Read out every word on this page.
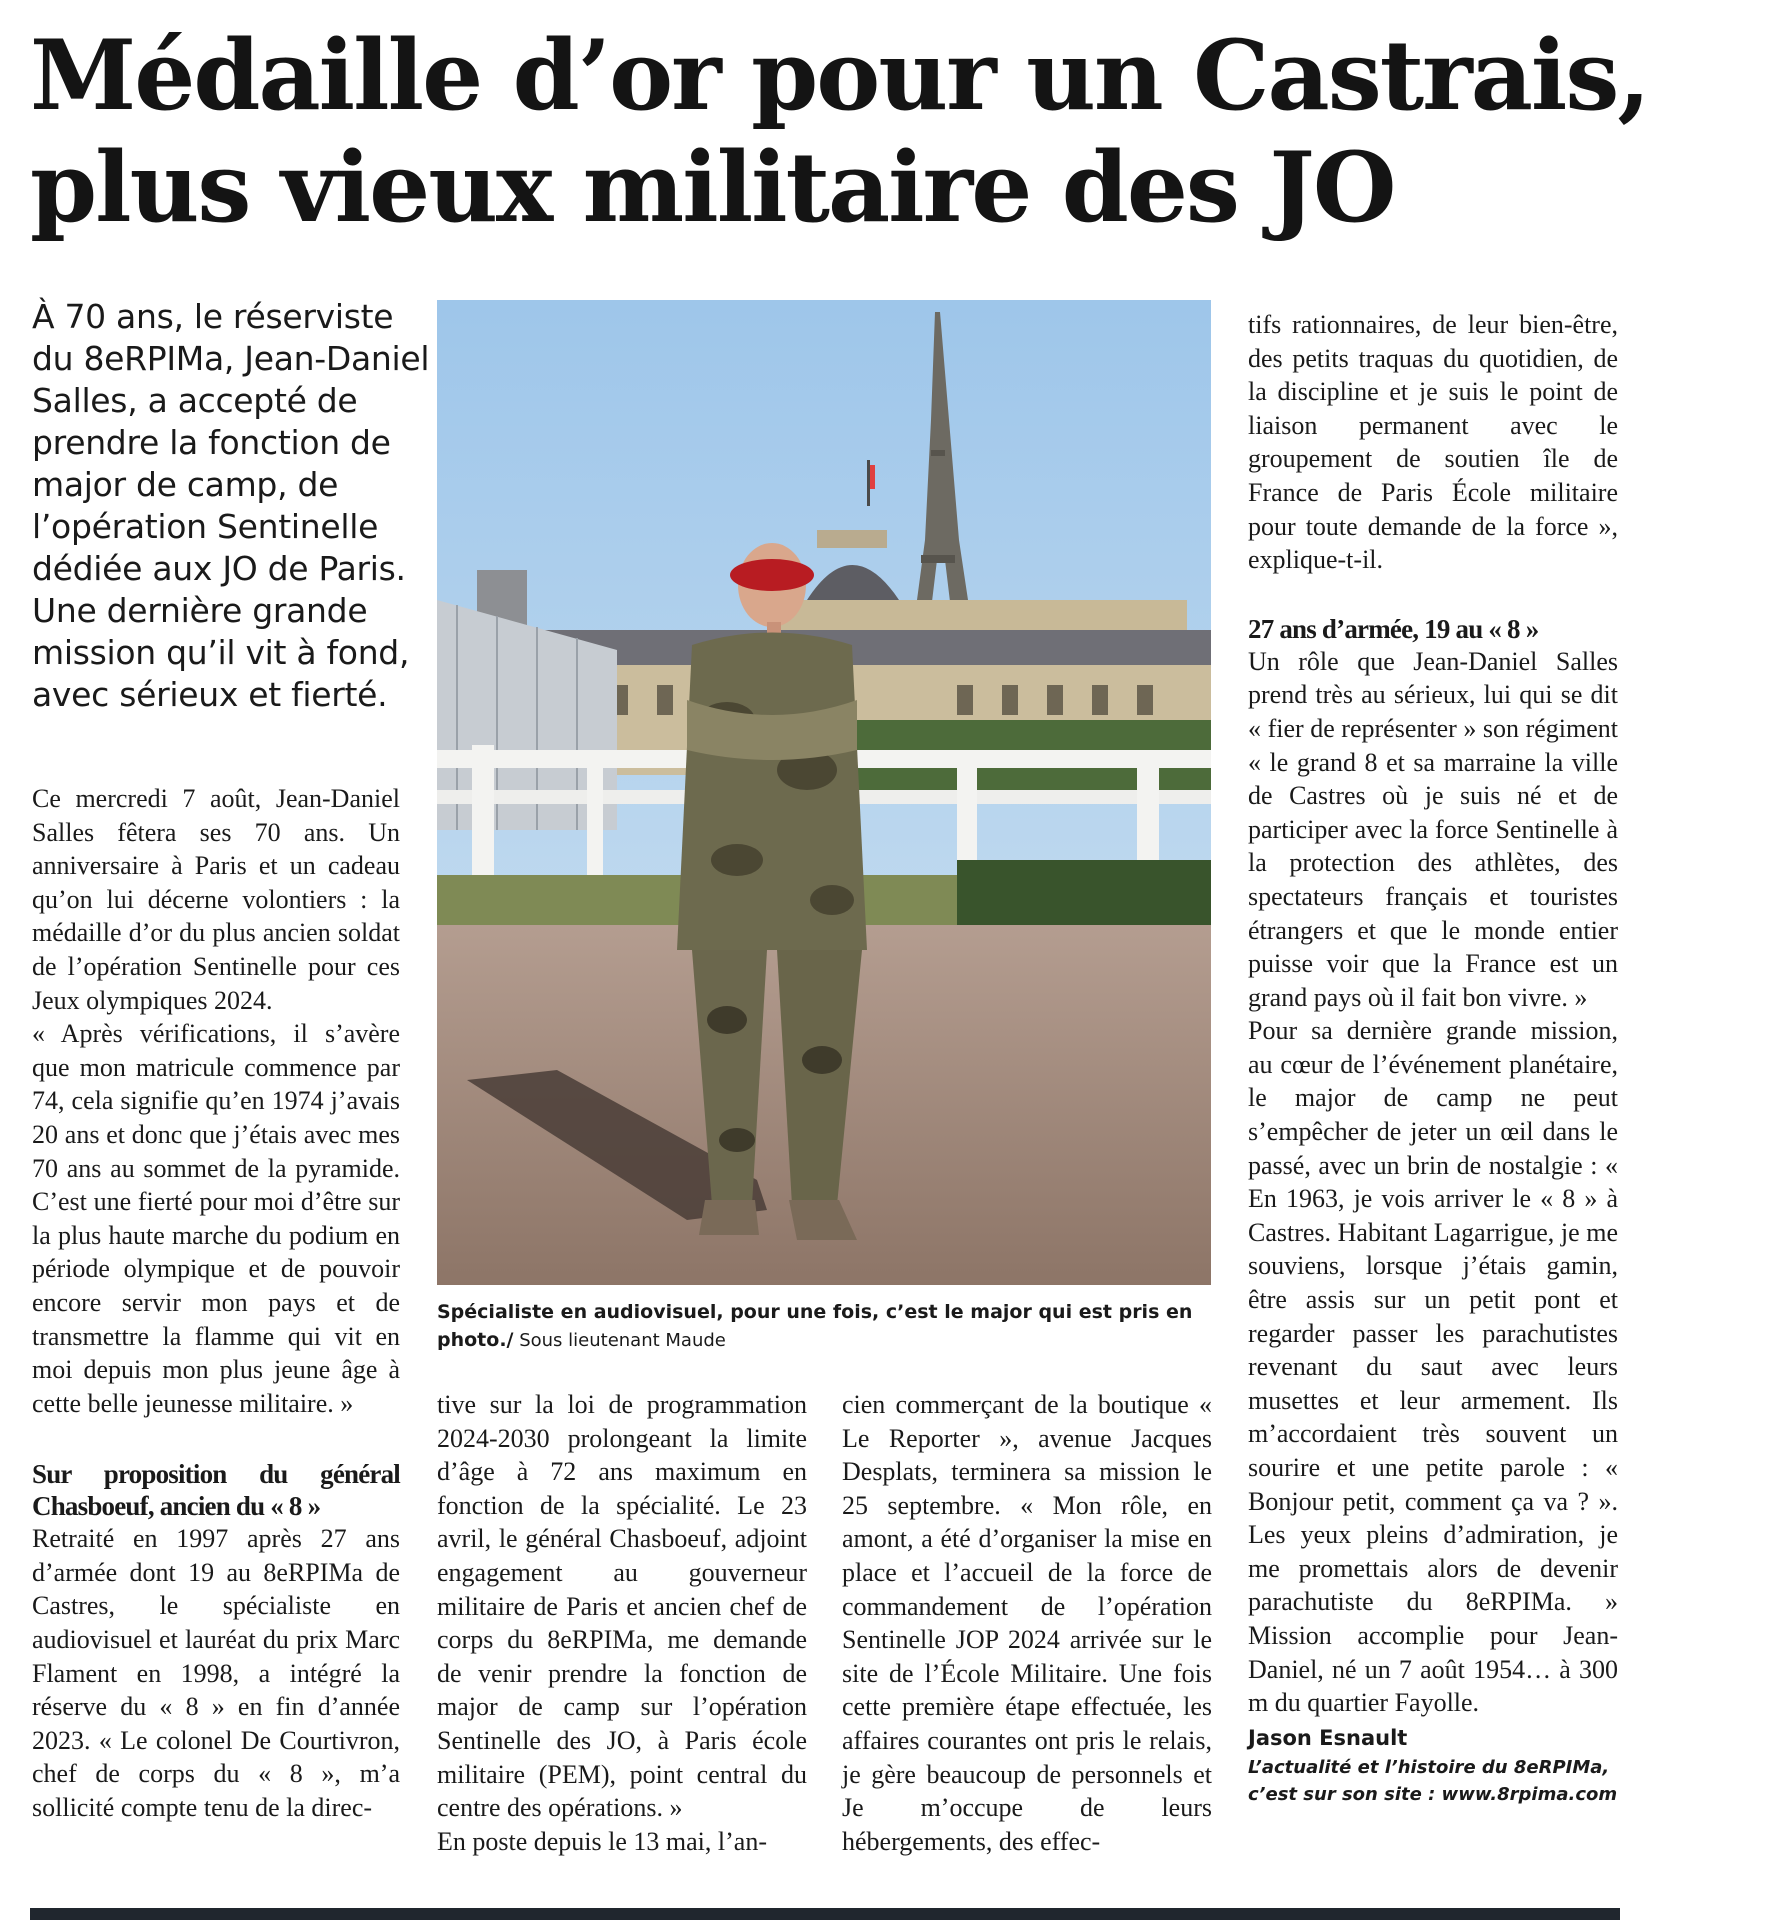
Médaille d’or pour un Castrais,
plus vieux militaire des JO
À 70 ans, le réserviste du 8eRPIMa, Jean-Daniel Salles, a accepté de prendre la fonction de major de camp, de l’opération Sentinelle dédiée aux JO de Paris. Une dernière grande mission qu’il vit à fond, avec sérieux et fierté.

Ce mercredi 7 août, Jean-Daniel Salles fêtera ses 70 ans. Un anniversaire à Paris et un cadeau qu’on lui décerne volontiers : la médaille d’or du plus ancien soldat de l’opération Sentinelle pour ces Jeux olympiques 2024.

« Après vérifications, il s’avère que mon matricule commence par 74, cela signifie qu’en 1974 j’avais 20 ans et donc que j’étais avec mes 70 ans au sommet de la pyramide. C’est une fierté pour moi d’être sur la plus haute marche du podium en période olympique et de pouvoir encore servir mon pays et de transmettre la flamme qui vit en moi depuis mon plus jeune âge à cette belle jeunesse militaire. »

Sur proposition du général Chasboeuf, ancien du « 8 »

Retraité en 1997 après 27 ans d’armée dont 19 au 8eRPIMa de Castres, le spécialiste en audiovisuel et lauréat du prix Marc Flament en 1998, a intégré la réserve du « 8 » en fin d’année 2023. « Le colonel De Courtivron, chef de corps du « 8 », m’a sollicité compte tenu de la direc-

Spécialiste en audiovisuel, pour une fois, c’est le major qui est pris en photo./ Sous lieutenant Maude

tive sur la loi de programmation 2024-2030 prolongeant la limite d’âge à 72 ans maximum en fonction de la spécialité. Le 23 avril, le général Chasboeuf, adjoint engagement au gouverneur militaire de Paris et ancien chef de corps du 8eRPIMa, me demande de venir prendre la fonction de major de camp sur l’opération Sentinelle des JO, à Paris école militaire (PEM), point central du centre des opérations. »

En poste depuis le 13 mai, l’an-

cien commerçant de la boutique « Le Reporter », avenue Jacques Desplats, terminera sa mission le 25 septembre. « Mon rôle, en amont, a été d’organiser la mise en place et l’accueil de la force de commandement de l’opération Sentinelle JOP 2024 arrivée sur le site de l’École Militaire. Une fois cette première étape effectuée, les affaires courantes ont pris le relais, je gère beaucoup de personnels et Je m’occupe de leurs hébergements, des effec-

tifs rationnaires, de leur bien-être, des petits traquas du quotidien, de la discipline et je suis le point de liaison permanent avec le groupement de soutien île de France de Paris École militaire pour toute demande de la force », explique-t-il.

27 ans d’armée, 19 au « 8 »

Un rôle que Jean-Daniel Salles prend très au sérieux, lui qui se dit « fier de représenter » son régiment « le grand 8 et sa marraine la ville de Castres où je suis né et de participer avec la force Sentinelle à la protection des athlètes, des spectateurs français et touristes étrangers et que le monde entier puisse voir que la France est un grand pays où il fait bon vivre. »

Pour sa dernière grande mission, au cœur de l’événement planétaire, le major de camp ne peut s’empêcher de jeter un œil dans le passé, avec un brin de nostalgie : « En 1963, je vois arriver le « 8 » à Castres. Habitant Lagarrigue, je me souviens, lorsque j’étais gamin, être assis sur un petit pont et regarder passer les parachutistes revenant du saut avec leurs musettes et leur armement. Ils m’accordaient très souvent un sourire et une petite parole : « Bonjour petit, comment ça va ? ». Les yeux pleins d’admiration, je me promettais alors de devenir parachutiste du 8eRPIMa. » Mission accomplie pour Jean-Daniel, né un 7 août 1954… à 300 m du quartier Fayolle.

Jason Esnault
L’actualité et l’histoire du 8eRPIMa,
c’est sur son site : www.8rpima.com
